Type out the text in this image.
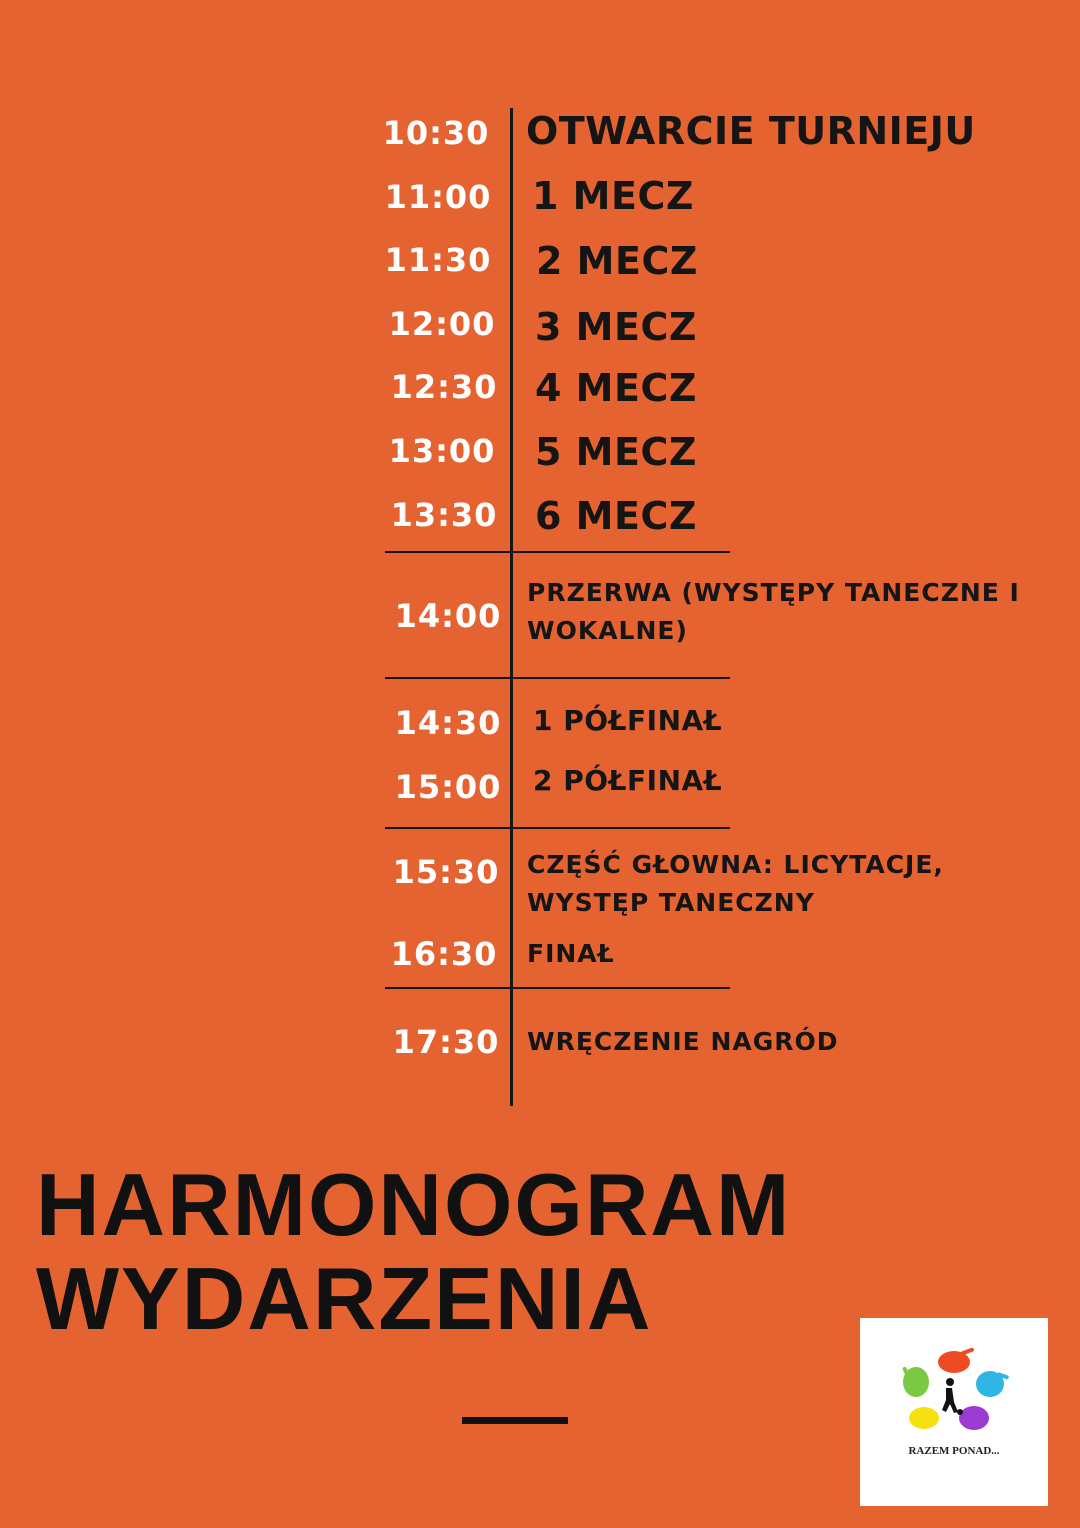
10:30 OTWARCIE TURNIEJU
11:00 1 MECZ
11:30 2 MECZ
12:00 3 MECZ
12:30 4 MECZ
13:00 5 MECZ
13:30 6 MECZ
14:00
PRZERWA (WYSTĘPY TANECZNE I WOKALNE)
14:30 1 PÓŁFINAŁ
15:00 2 PÓŁFINAŁ
15:30 CZĘŚĆ GŁOWNA: LICYTACJE, WYSTĘP TANECZNY
16:30 FINAŁ
17:30 WRĘCZENIE NAGRÓD
HARMONOGRAM
WYDARZENIA
RAZEM PONAD...
